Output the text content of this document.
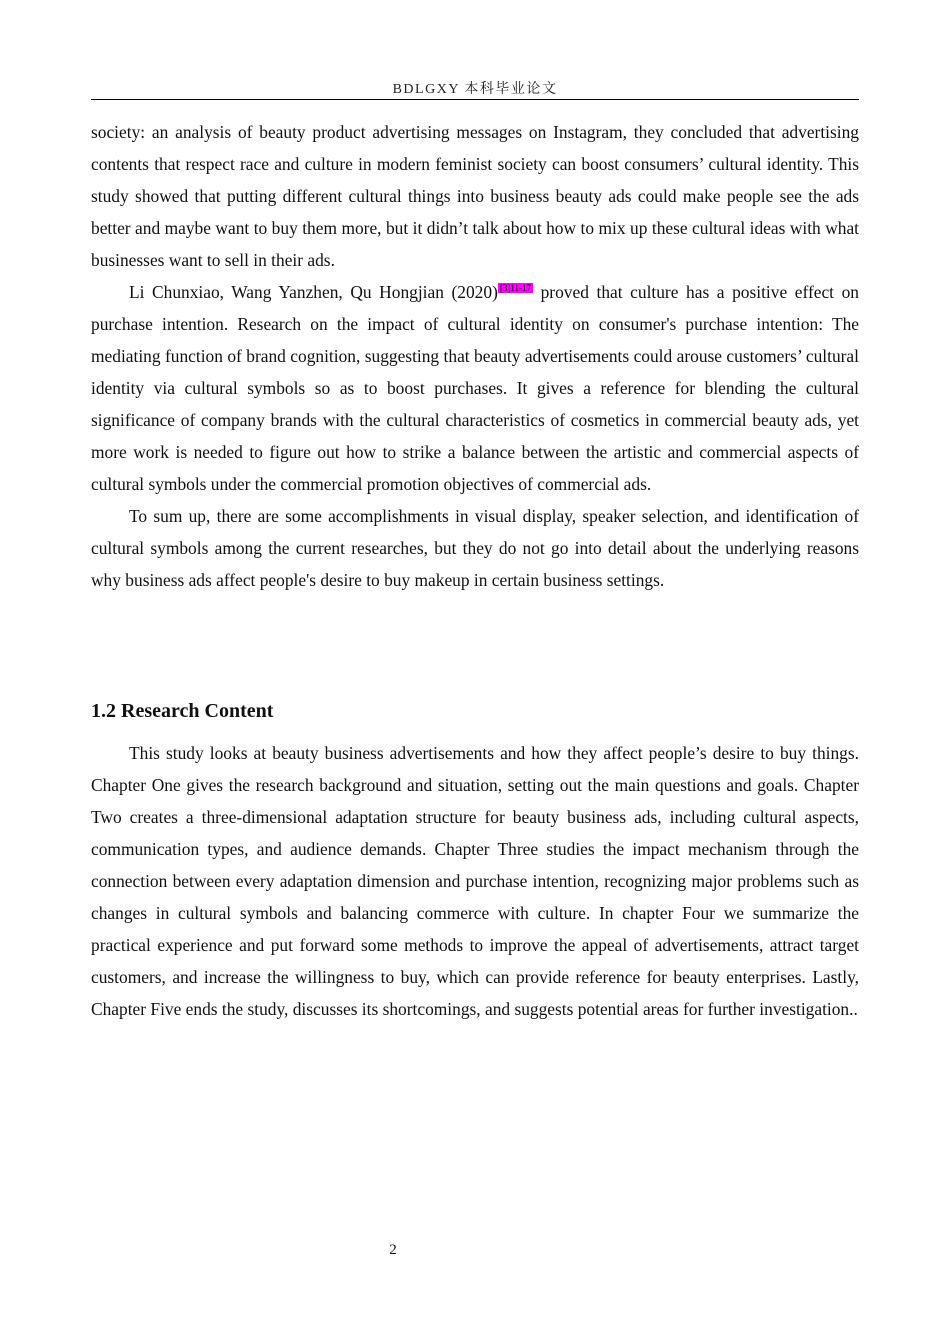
BDLGXY 本科毕业论文

society: an analysis of beauty product advertising messages on Instagram, they concluded that advertising contents that respect race and culture in modern feminist society can boost consumers’ cultural identity. This study showed that putting different cultural things into business beauty ads could make people see the ads better and maybe want to buy them more, but it didn’t talk about how to mix up these cultural ideas with what businesses want to sell in their ads.

Li Chunxiao, Wang Yanzhen, Qu Hongjian (2020) $^{[3]11-17}$ proved that culture has a positive effect on purchase intention. Research on the impact of cultural identity on consumer's purchase intention: The mediating function of brand cognition, suggesting that beauty advertisements could arouse customers’ cultural identity via cultural symbols so as to boost purchases. It gives a reference for blending the cultural significance of company brands with the cultural characteristics of cosmetics in commercial beauty ads, yet more work is needed to figure out how to strike a balance between the artistic and commercial aspects of cultural symbols under the commercial promotion objectives of commercial ads.

To sum up, there are some accomplishments in visual display, speaker selection, and identification of cultural symbols among the current researches, but they do not go into detail about the underlying reasons why business ads affect people's desire to buy makeup in certain business settings.

1.2 Research Content

This study looks at beauty business advertisements and how they affect people’s desire to buy things. Chapter One gives the research background and situation, setting out the main questions and goals. Chapter Two creates a three-dimensional adaptation structure for beauty business ads, including cultural aspects, communication types, and audience demands. Chapter Three studies the impact mechanism through the connection between every adaptation dimension and purchase intention, recognizing major problems such as changes in cultural symbols and balancing commerce with culture. In chapter Four we summarize the practical experience and put forward some methods to improve the appeal of advertisements, attract target customers, and increase the willingness to buy, which can provide reference for beauty enterprises. Lastly, Chapter Five ends the study, discusses its shortcomings, and suggests potential areas for further investigation..

2
